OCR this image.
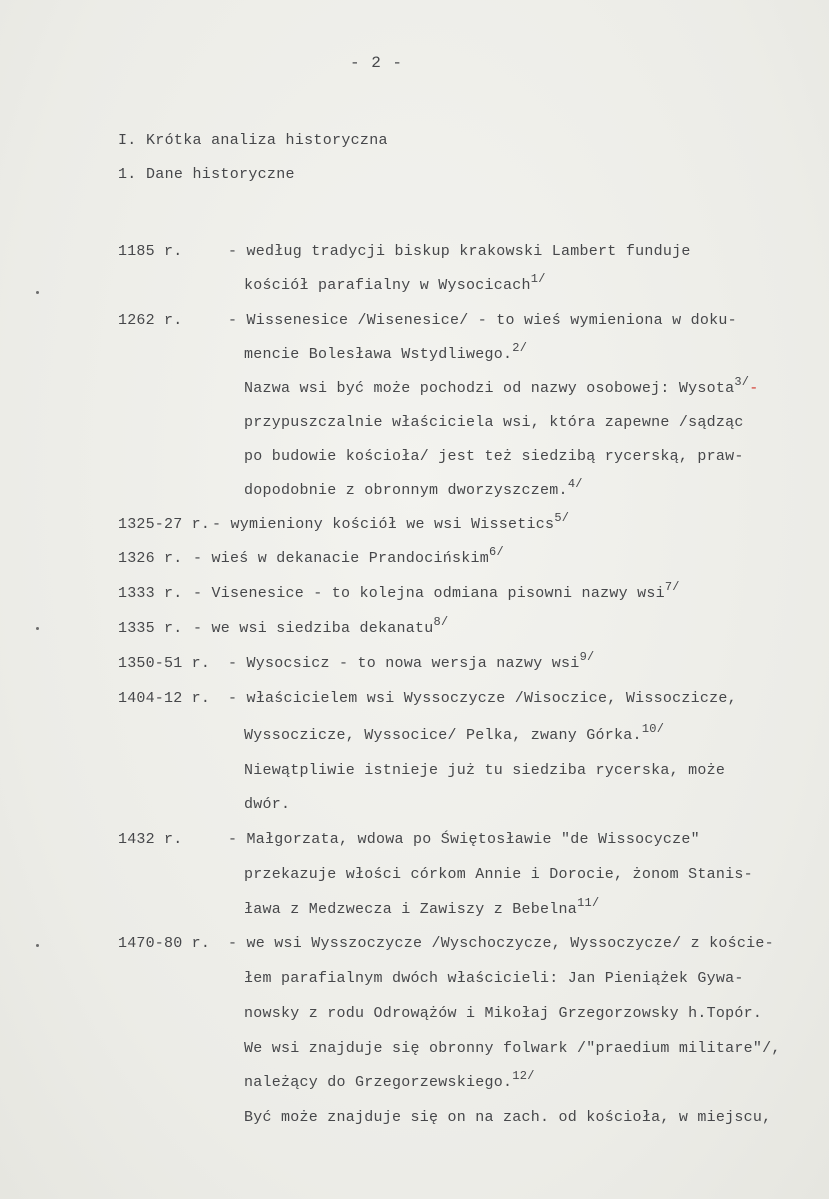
- 2 -
I. Krótka analiza historyczna
1. Dane historyczne
1185 r.	- według tradycji biskup krakowski Lambert funduje
kościół parafialny w Wysocicach$^{1/}$
1262 r.	- Wissenesice /Wisenesice/ - to wieś wymieniona w doku-
mencie Bolesława Wstydliwego.$^{2/}$
Nazwa wsi być może pochodzi od nazwy osobowej: Wysota$^{3/}$-
przypuszczalnie właściciela wsi, która zapewne /sądząc
po budowie kościoła/ jest też siedzibą rycerską, praw-
dopodobnie z obronnym dworzyszczem.$^{4/}$
1325-27 r. - wymieniony kościół we wsi Wissetics$^{5/}$
1326 r. - wieś w dekanacie Prandocińskim$^{6/}$
1333 r. - Visenesice - to kolejna odmiana pisowni nazwy wsi$^{7/}$
1335 r. - we wsi siedziba dekanatu$^{8/}$
1350-51 r. - Wysocsicz - to nowa wersja nazwy wsi$^{9/}$
1404-12 r. - właścicielem wsi Wyssoczycze /Wisoczice, Wissoczicze,
Wyssoczicze, Wyssocice/ Pelka, zwany Górka.$^{10/}$
Niewątpliwie istnieje już tu siedziba rycerska, może
dwór.
1432 r.	- Małgorzata, wdowa po Świętosławie "de Wissocycze"
przekazuje włości córkom Annie i Dorocie, żonom Stanis-
ława z Medzwecza i Zawiszy z Bebelna$^{11/}$
1470-80 r. - we wsi Wysszoczycze /Wyschoczycze, Wyssoczycze/ z koście-
łem parafialnym dwóch właścicieli: Jan Pieniążek Gywa-
nowsky z rodu Odrowążów i Mikołaj Grzegorzowsky h.Topór.
We wsi znajduje się obronny folwark /"praedium militare"/,
należący do Grzegorzewskiego.$^{12/}$
Być może znajduje się on na zach. od kościoła, w miejscu,
